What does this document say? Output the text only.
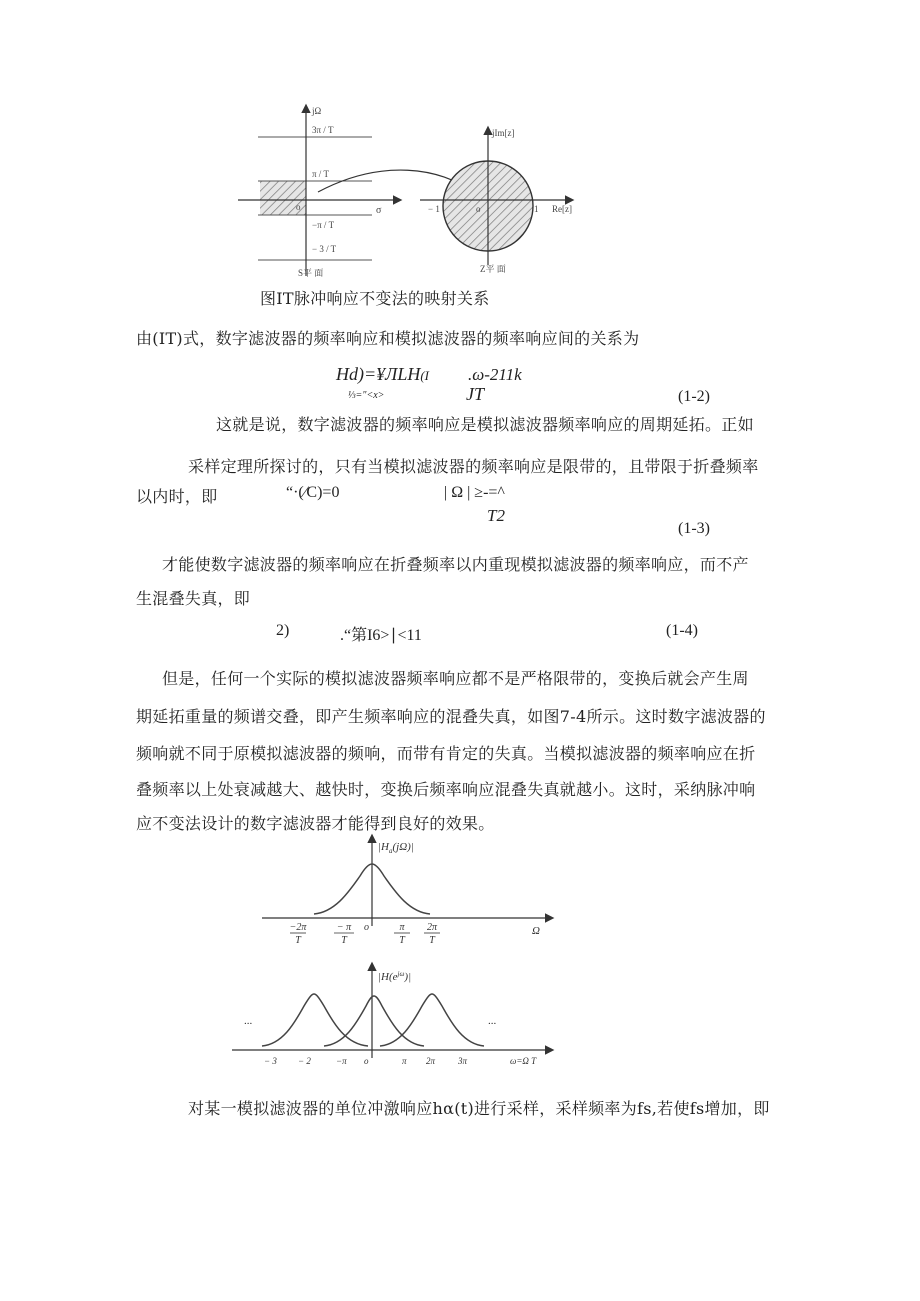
jΩ
3π / T
π / T
−π / T
− 3 / T
o	σ
S平 面
jIm[z]
− 1	o	1 Re[z]
Z平 面
图IT脉冲响应不变法的映射关系
由(IT)式，数字滤波器的频率响应和模拟滤波器的频率响应间的关系为
Hd)=¥ЛLH(I .ω-211k
⅓="<x>	JT	(1-2)
这就是说，数字滤波器的频率响应是模拟滤波器频率响应的周期延拓。正如
采样定理所探讨的，只有当模拟滤波器的频率响应是限带的，且带限于折叠频率
以内时，即	“·(∕C)=0	| Ω | ≥-=^
T2
(1-3)
才能使数字滤波器的频率响应在折叠频率以内重现模拟滤波器的频率响应，而不产
生混叠失真，即
2)	.“第I6>∣<11	(1-4)
但是，任何一个实际的模拟滤波器频率响应都不是严格限带的，变换后就会产生周
期延拓重量的频谱交叠，即产生频率响应的混叠失真，如图7-4所示。这时数字滤波器的
频响就不同于原模拟滤波器的频响，而带有肯定的失真。当模拟滤波器的频率响应在折
叠频率以上处衰减越大、越快时，变换后频率响应混叠失真就越小。这时，采纳脉冲响
应不变法设计的数字滤波器才能得到良好的效果。
$|H_a(j\Omega)|$
−2π
T
− π
T
o	π
T
2π
T
Ω
$|H(e^{j\omega})|$
...	...
− 3 − 2	−π o	π 2π	3π	ω=Ω T
对某一模拟滤波器的单位冲激响应hα(t)进行采样，采样频率为fs,若使fs增加，即
